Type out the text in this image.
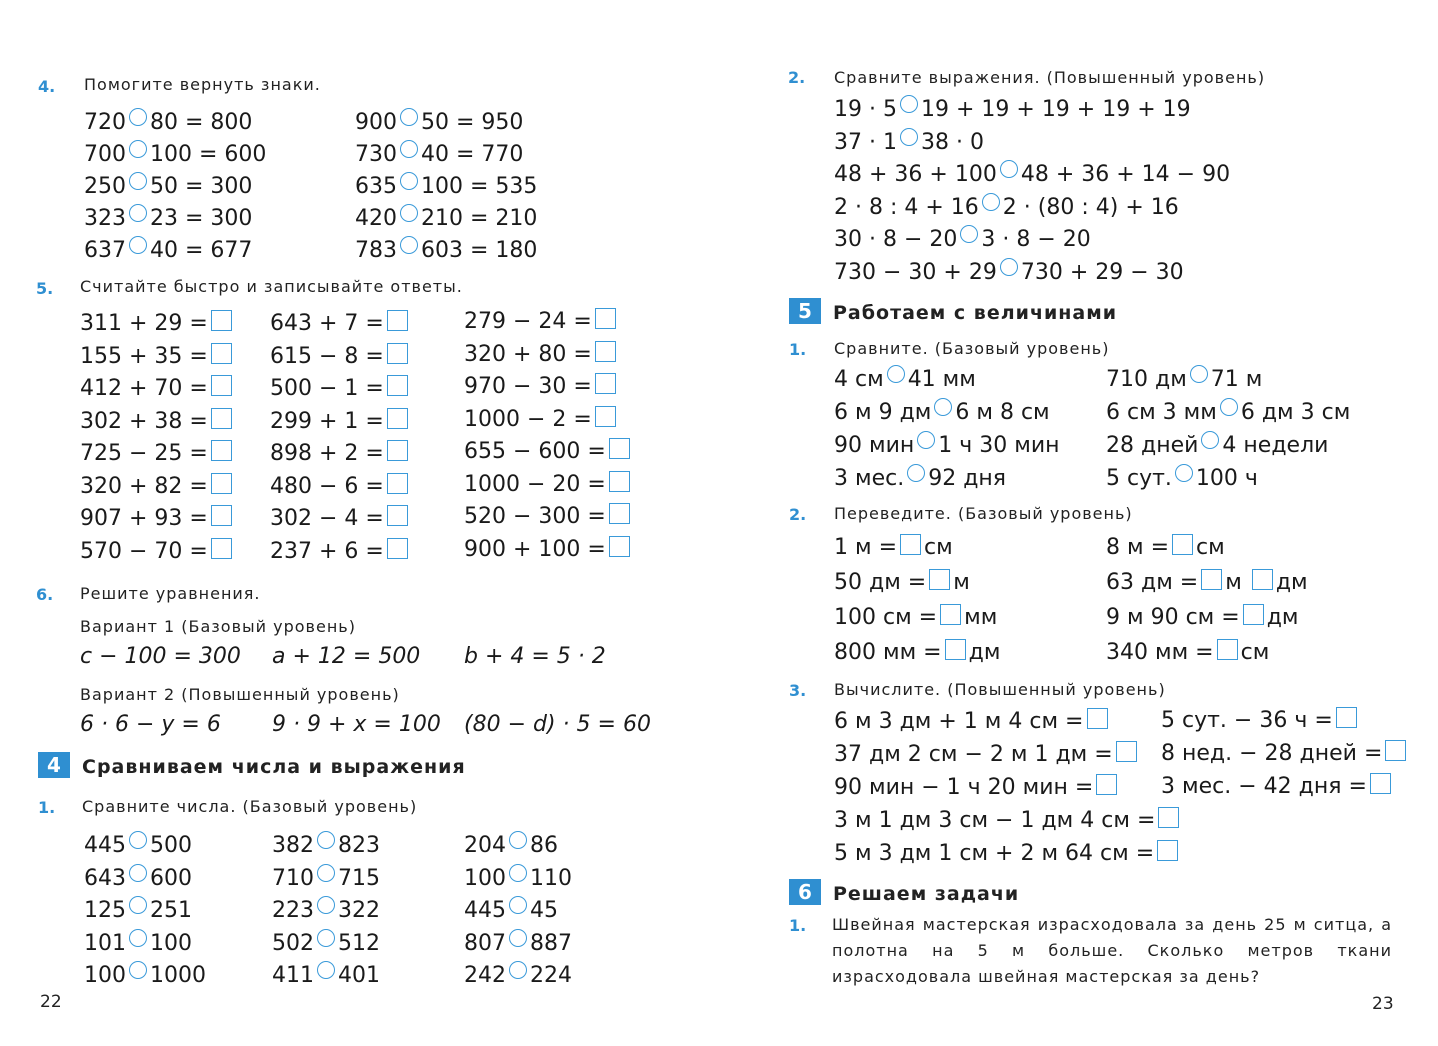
4. Помогите вернуть знаки.
720 80 = 800
700 100 = 600
250 50 = 300
323 23 = 300
637 40 = 677
900 50 = 950
730 40 = 770
635 100 = 535
420 210 = 210
783 603 = 180
5. Считайте быстро и записывайте ответы.
311 + 29 =
155 + 35 =
412 + 70 =
302 + 38 =
725 − 25 =
320 + 82 =
907 + 93 =
570 − 70 =
643 + 7 =
615 − 8 =
500 − 1 =
299 + 1 =
898 + 2 =
480 − 6 =
302 − 4 =
237 + 6 =
279 − 24 =
320 + 80 =
970 − 30 =
1000 − 2 =
655 − 600 =
1000 − 20 =
520 − 300 =
900 + 100 =
6. Решите уравнения.
Вариант 1 (Базовый уровень)
c − 100 = 300 a + 12 = 500 b + 4 = 5 · 2
Вариант 2 (Повышенный уровень)
6 · 6 − y = 6 9 · 9 + x = 100 (80 − d) · 5 = 60
4 Сравниваем числа и выражения
1. Сравните числа. (Базовый уровень)
445 500
643 600
125 251
101 100
100 1000
382 823
710 715
223 322
502 512
411 401
204 86
100 110
445 45
807 887
242 224
22
2. Сравните выражения. (Повышенный уровень)
19 · 5 19 + 19 + 19 + 19 + 19
37 · 1 38 · 0
48 + 36 + 100 48 + 36 + 14 − 90
2 · 8 : 4 + 16 2 · (80 : 4) + 16
30 · 8 − 20 3 · 8 − 20
730 − 30 + 29 730 + 29 − 30
5 Работаем с величинами
1. Сравните. (Базовый уровень)
4 см 41 мм
6 м 9 дм 6 м 8 см
90 мин 1 ч 30 мин
3 мес. 92 дня
710 дм 71 м
6 см 3 мм 6 дм 3 см
28 дней 4 недели
5 сут. 100 ч
2. Переведите. (Базовый уровень)
1 м = см
50 дм = м
100 см = мм
800 мм = дм
8 м = см
63 дм = м дм
9 м 90 см = дм
340 мм = см
3. Вычислите. (Повышенный уровень)
6 м 3 дм + 1 м 4 см =
37 дм 2 см − 2 м 1 дм =
90 мин − 1 ч 20 мин =
3 м 1 дм 3 см − 1 дм 4 см =
5 м 3 дм 1 см + 2 м 64 см =
5 сут. − 36 ч =
8 нед. − 28 дней =
3 мес. − 42 дня =
6 Решаем задачи
1. Швейная мастерская израсходовала за день 25 м ситца, а полотна на 5 м больше. Сколько метров ткани израсходовала швейная мастерская за день?
23
